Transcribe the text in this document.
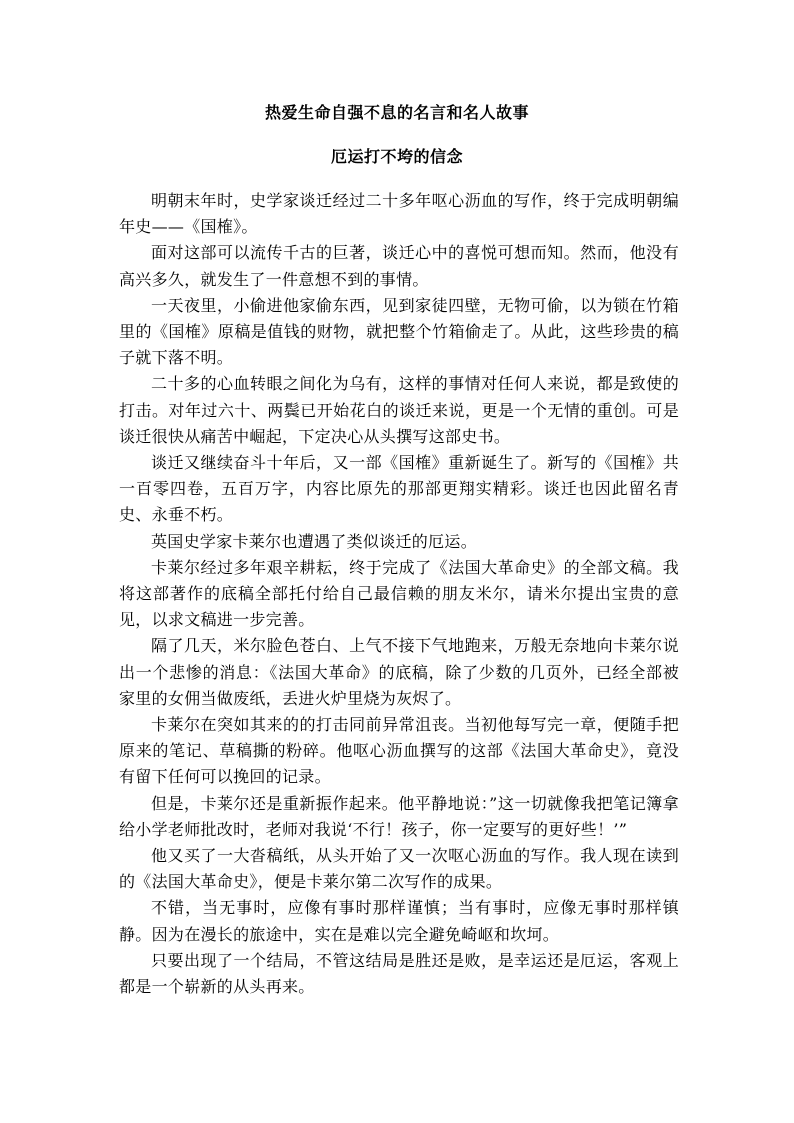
热爱生命自强不息的名言和名人故事
厄运打不垮的信念

明朝末年时，史学家谈迁经过二十多年呕心沥血的写作，终于完成明朝编年史——《国榷》。

面对这部可以流传千古的巨著，谈迁心中的喜悦可想而知。然而，他没有高兴多久，就发生了一件意想不到的事情。

一天夜里，小偷进他家偷东西，见到家徒四壁，无物可偷，以为锁在竹箱里的《国榷》原稿是值钱的财物，就把整个竹箱偷走了。从此，这些珍贵的稿子就下落不明。

二十多的心血转眼之间化为乌有，这样的事情对任何人来说，都是致使的打击。对年过六十、两鬓已开始花白的谈迁来说，更是一个无情的重创。可是谈迁很快从痛苦中崛起，下定决心从头撰写这部史书。

谈迁又继续奋斗十年后，又一部《国榷》重新诞生了。新写的《国榷》共一百零四卷，五百万字，内容比原先的那部更翔实精彩。谈迁也因此留名青史、永垂不朽。

英国史学家卡莱尔也遭遇了类似谈迁的厄运。

卡莱尔经过多年艰辛耕耘，终于完成了《法国大革命史》的全部文稿。我将这部著作的底稿全部托付给自己最信赖的朋友米尔，请米尔提出宝贵的意见，以求文稿进一步完善。

隔了几天，米尔脸色苍白、上气不接下气地跑来，万般无奈地向卡莱尔说出一个悲惨的消息：《法国大革命》的底稿，除了少数的几页外，已经全部被家里的女佣当做废纸，丢进火炉里烧为灰烬了。

卡莱尔在突如其来的的打击同前异常沮丧。当初他每写完一章，便随手把原来的笔记、草稿撕的粉碎。他呕心沥血撰写的这部《法国大革命史》，竟没有留下任何可以挽回的记录。

但是，卡莱尔还是重新振作起来。他平静地说：”这一切就像我把笔记簿拿给小学老师批改时，老师对我说‘不行！孩子，你一定要写的更好些！’”

他又买了一大沓稿纸，从头开始了又一次呕心沥血的写作。我人现在读到的《法国大革命史》，便是卡莱尔第二次写作的成果。

不错，当无事时，应像有事时那样谨慎；当有事时，应像无事时那样镇静。因为在漫长的旅途中，实在是难以完全避免崎岖和坎坷。

只要出现了一个结局，不管这结局是胜还是败，是幸运还是厄运，客观上都是一个崭新的从头再来。
